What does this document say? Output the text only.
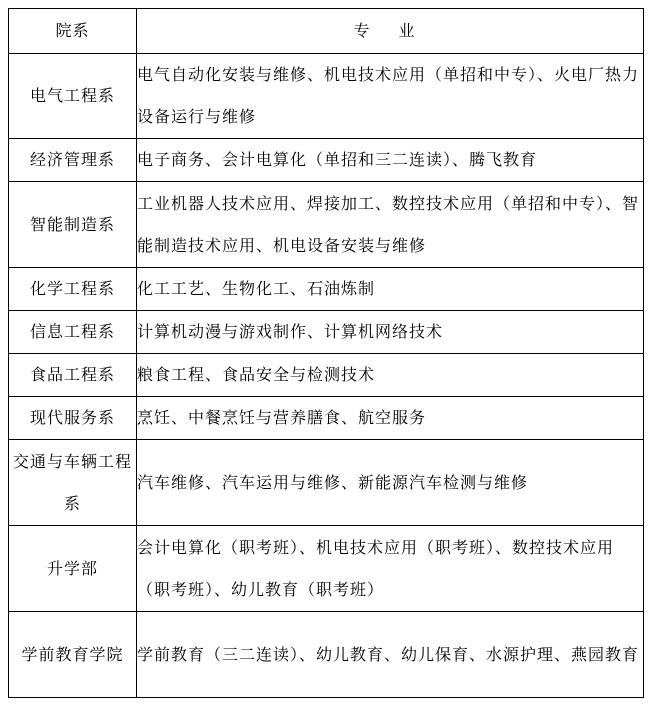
院系	专 业
电气工程系	电气自动化安装与维修、机电技术应用（单招和中专）、火电厂热力设备运行与维修
经济管理系	电子商务、会计电算化（单招和三二连读）、腾飞教育
智能制造系	工业机器人技术应用、焊接加工、数控技术应用（单招和中专）、智能制造技术应用、机电设备安装与维修
化学工程系	化工工艺、生物化工、石油炼制
信息工程系	计算机动漫与游戏制作、计算机网络技术
食品工程系	粮食工程、食品安全与检测技术
现代服务系	烹饪、中餐烹饪与营养膳食、航空服务
交通与车辆工程系	汽车维修、汽车运用与维修、新能源汽车检测与维修
升学部	会计电算化（职考班）、机电技术应用（职考班）、数控技术应用（职考班）、幼儿教育（职考班）
学前教育学院	学前教育（三二连读）、幼儿教育、幼儿保育、水源护理、燕园教育
